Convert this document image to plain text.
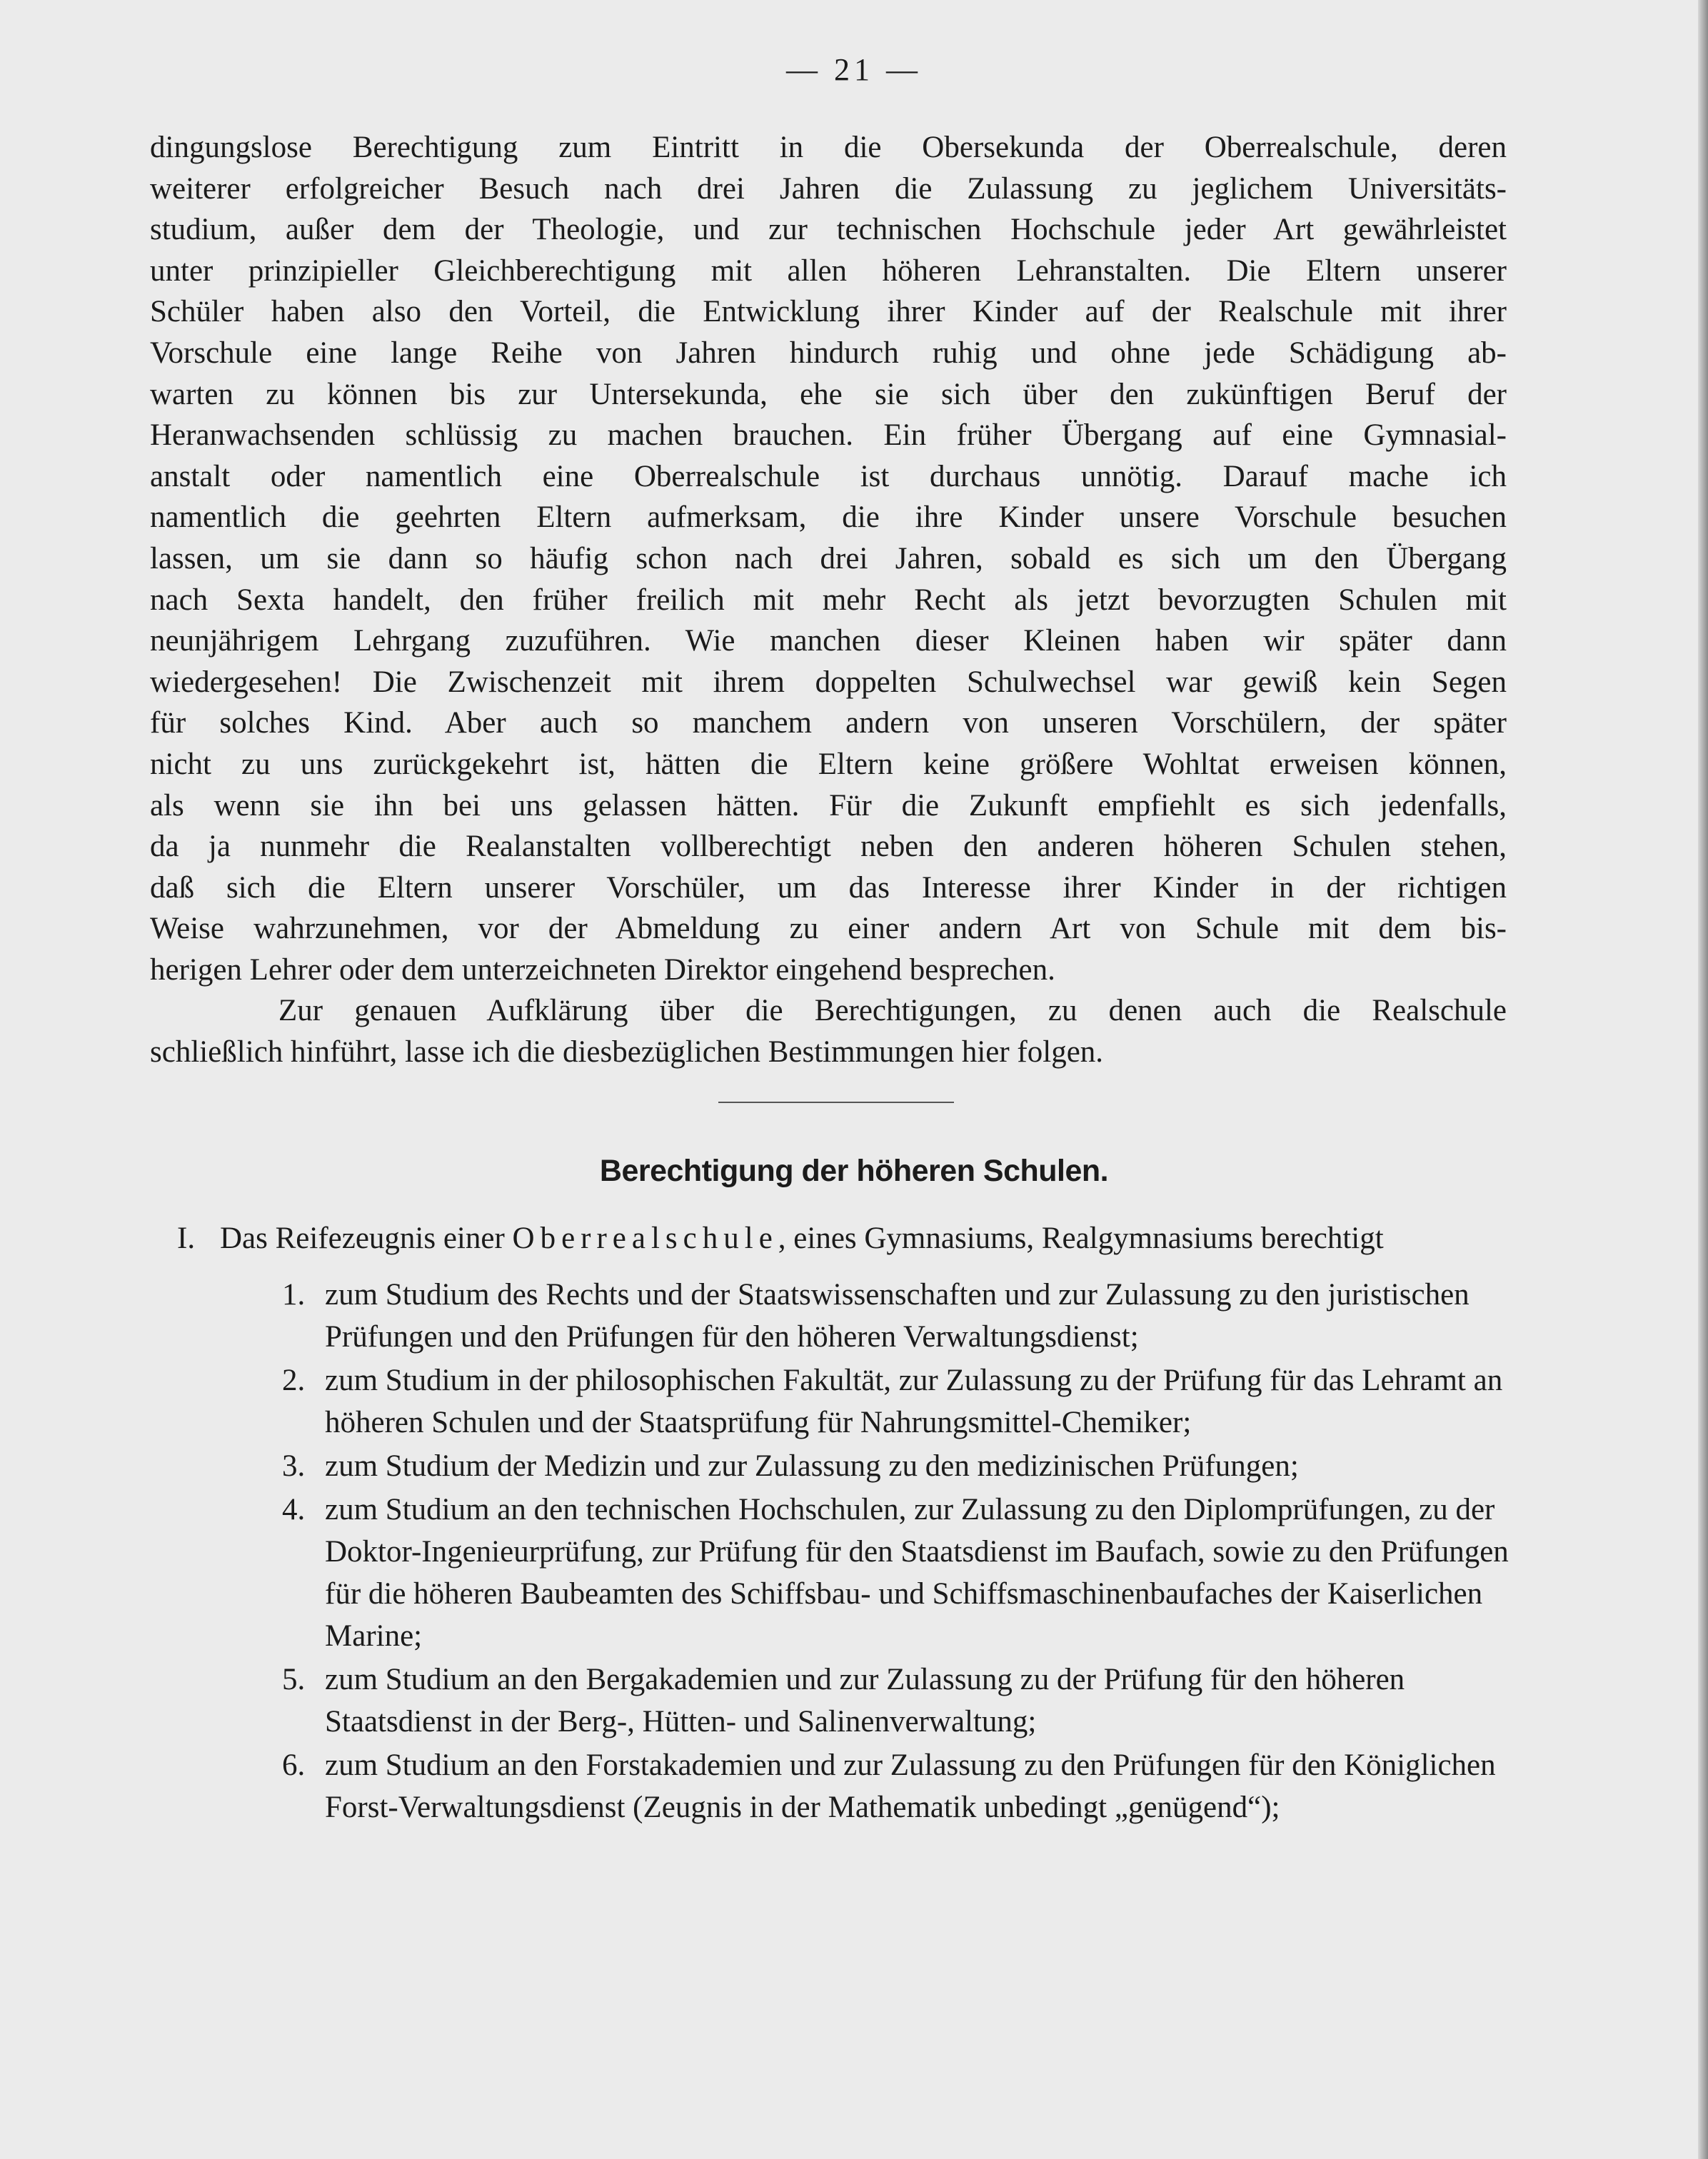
— 21 —
dingungslose Berechtigung zum Eintritt in die Obersekunda der Oberrealschule, deren
weiterer erfolgreicher Besuch nach drei Jahren die Zulassung zu jeglichem Universitäts-
studium, außer dem der Theologie, und zur technischen Hochschule jeder Art gewährleistet
unter prinzipieller Gleichberechtigung mit allen höheren Lehranstalten. Die Eltern unserer
Schüler haben also den Vorteil, die Entwicklung ihrer Kinder auf der Realschule mit ihrer
Vorschule eine lange Reihe von Jahren hindurch ruhig und ohne jede Schädigung ab-
warten zu können bis zur Untersekunda, ehe sie sich über den zukünftigen Beruf der
Heranwachsenden schlüssig zu machen brauchen. Ein früher Übergang auf eine Gymnasial-
anstalt oder namentlich eine Oberrealschule ist durchaus unnötig. Darauf mache ich
namentlich die geehrten Eltern aufmerksam, die ihre Kinder unsere Vorschule besuchen
lassen, um sie dann so häufig schon nach drei Jahren, sobald es sich um den Übergang
nach Sexta handelt, den früher freilich mit mehr Recht als jetzt bevorzugten Schulen mit
neunjährigem Lehrgang zuzuführen. Wie manchen dieser Kleinen haben wir später dann
wiedergesehen! Die Zwischenzeit mit ihrem doppelten Schulwechsel war gewiß kein Segen
für solches Kind. Aber auch so manchem andern von unseren Vorschülern, der später
nicht zu uns zurückgekehrt ist, hätten die Eltern keine größere Wohltat erweisen können,
als wenn sie ihn bei uns gelassen hätten. Für die Zukunft empfiehlt es sich jedenfalls,
da ja nunmehr die Realanstalten vollberechtigt neben den anderen höheren Schulen stehen,
daß sich die Eltern unserer Vorschüler, um das Interesse ihrer Kinder in der richtigen
Weise wahrzunehmen, vor der Abmeldung zu einer andern Art von Schule mit dem bis-
herigen Lehrer oder dem unterzeichneten Direktor eingehend besprechen.
Zur genauen Aufklärung über die Berechtigungen, zu denen auch die Realschule
schließlich hinführt, lasse ich die diesbezüglichen Bestimmungen hier folgen.
Berechtigung der höheren Schulen.
I. Das Reifezeugnis einer Oberrealschule, eines Gymnasiums, Realgymnasiums berechtigt
1. zum Studium des Rechts und der Staatswissenschaften und zur Zulassung zu den juristischen Prüfungen und den Prüfungen für den höheren Verwaltungsdienst;
2. zum Studium in der philosophischen Fakultät, zur Zulassung zu der Prüfung für das Lehramt an höheren Schulen und der Staatsprüfung für Nahrungsmittel-Chemiker;
3. zum Studium der Medizin und zur Zulassung zu den medizinischen Prüfungen;
4. zum Studium an den technischen Hochschulen, zur Zulassung zu den Diplomprüfungen, zu der Doktor-Ingenieurprüfung, zur Prüfung für den Staatsdienst im Baufach, sowie zu den Prüfungen für die höheren Baubeamten des Schiffsbau- und Schiffsmaschinenbaufaches der Kaiserlichen Marine;
5. zum Studium an den Bergakademien und zur Zulassung zu der Prüfung für den höheren Staatsdienst in der Berg-, Hütten- und Salinenverwaltung;
6. zum Studium an den Forstakademien und zur Zulassung zu den Prüfungen für den Königlichen Forst-Verwaltungsdienst (Zeugnis in der Mathematik unbedingt „genügend“);
